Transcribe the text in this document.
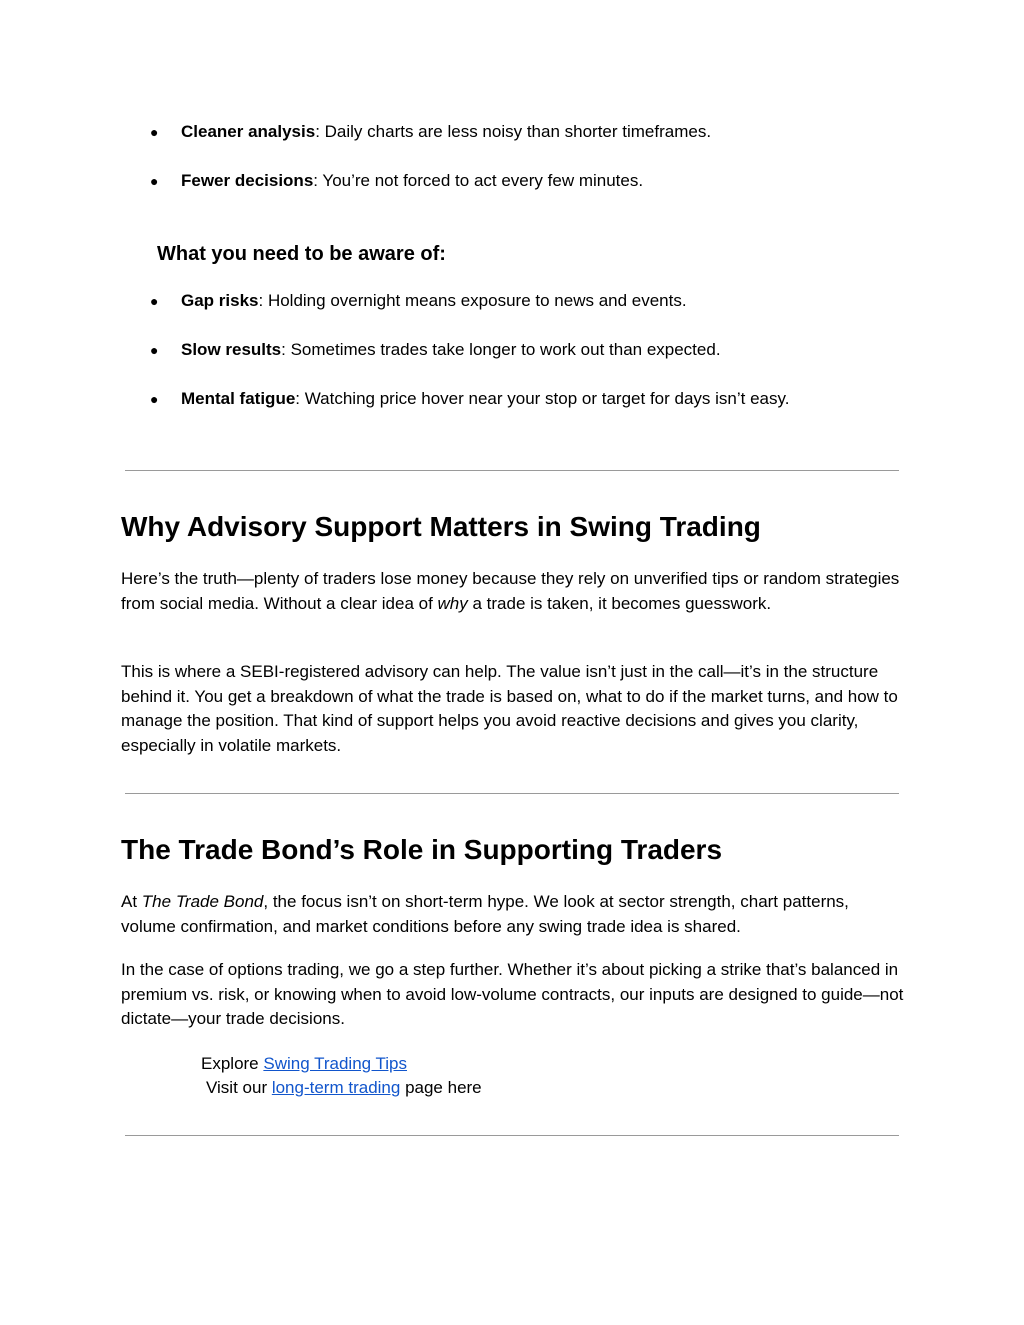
●	Cleaner analysis: Daily charts are less noisy than shorter timeframes.
●	Fewer decisions: You’re not forced to act every few minutes.
What you need to be aware of:
●	Gap risks: Holding overnight means exposure to news and events.
●	Slow results: Sometimes trades take longer to work out than expected.
●	Mental fatigue: Watching price hover near your stop or target for days isn’t easy.
Why Advisory Support Matters in Swing Trading
Here’s the truth—plenty of traders lose money because they rely on unverified tips or random strategies from social media. Without a clear idea of why a trade is taken, it becomes guesswork.
This is where a SEBI-registered advisory can help. The value isn’t just in the call—it’s in the structure behind it. You get a breakdown of what the trade is based on, what to do if the market turns, and how to manage the position. That kind of support helps you avoid reactive decisions and gives you clarity, especially in volatile markets.
The Trade Bond’s Role in Supporting Traders
At The Trade Bond, the focus isn’t on short-term hype. We look at sector strength, chart patterns, volume confirmation, and market conditions before any swing trade idea is shared.
In the case of options trading, we go a step further. Whether it’s about picking a strike that’s balanced in premium vs. risk, or knowing when to avoid low-volume contracts, our inputs are designed to guide—not dictate—your trade decisions.
Explore Swing Trading Tips
Visit our long-term trading page here
